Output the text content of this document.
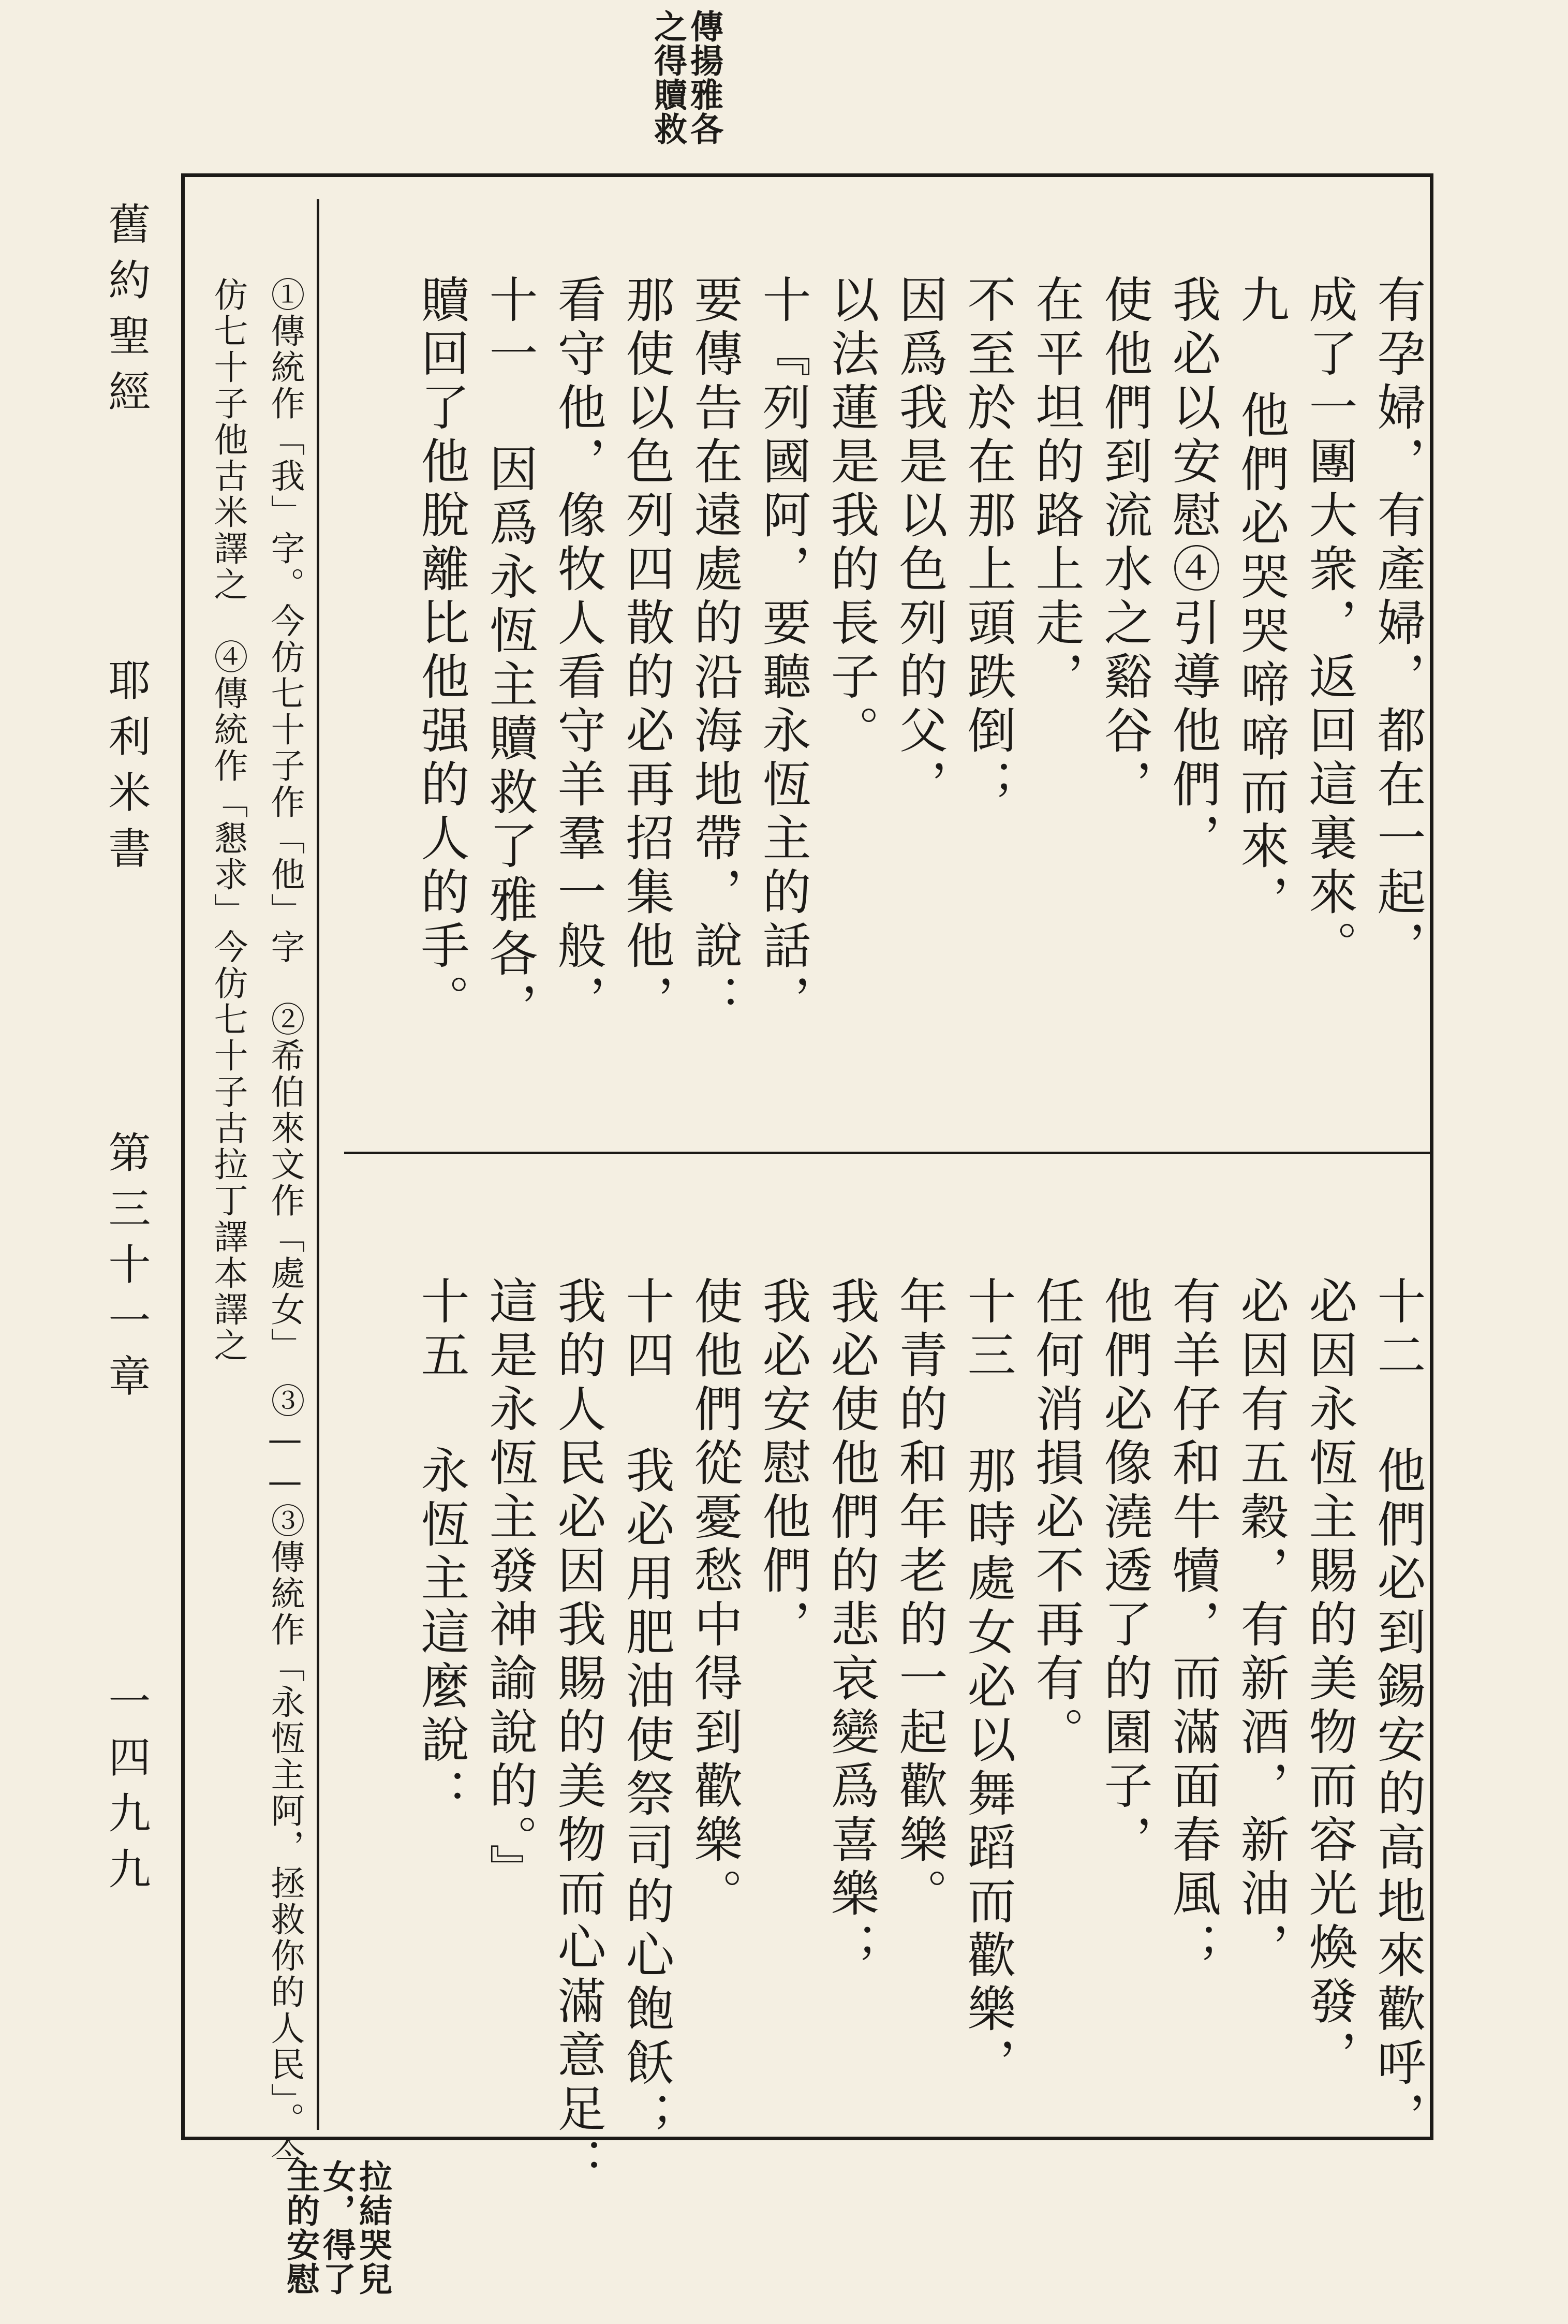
傳揚雅各
之得贖救
舊約聖經
耶利米書
第三十一章
一四九九
有孕婦，有產婦，都在一起，
成了一團大衆，返回這裏來。
九 他們必哭哭啼啼而來，
我必以安慰④引導他們，
使他們到流水之谿谷，
在平坦的路上走，
不至於在那上頭跌倒；
因爲我是以色列的父，
以法蓮是我的長子。
十『列國阿，要聽永恆主的話，
要傳告在遠處的沿海地帶，說：
那使以色列四散的必再招集他，
看守他，像牧人看守羊羣一般，
十一 因爲永恆主贖救了雅各，
贖回了他脫離比他强的人的手。
十二 他們必到錫安的高地來歡呼，
必因永恆主賜的美物而容光煥發，
必因有五穀，有新酒，新油，
有羊仔和牛犢，而滿面春風；
他們必像澆透了的園子，
任何消損必不再有。
十三 那時處女必以舞蹈而歡樂，
年青的和年老的一起歡樂。
我必使他們的悲哀變爲喜樂；
我必安慰他們，
使他們從憂愁中得到歡樂。
十四 我必用肥油使祭司的心飽飫；
我的人民必因我賜的美物而心滿意足：
這是永恆主發神諭說的。』
十五 永恆主這麼說：
①傳統作「我」字。今仿七十子作「他」字　②希伯來文作「處女」　③——③傳統作「永恆主阿，拯救你的人民」。今
仿七十子他古米譯之　④傳統作「懇求」今仿七十子古拉丁譯本譯之
拉結哭兒
女，得了
主的安慰
